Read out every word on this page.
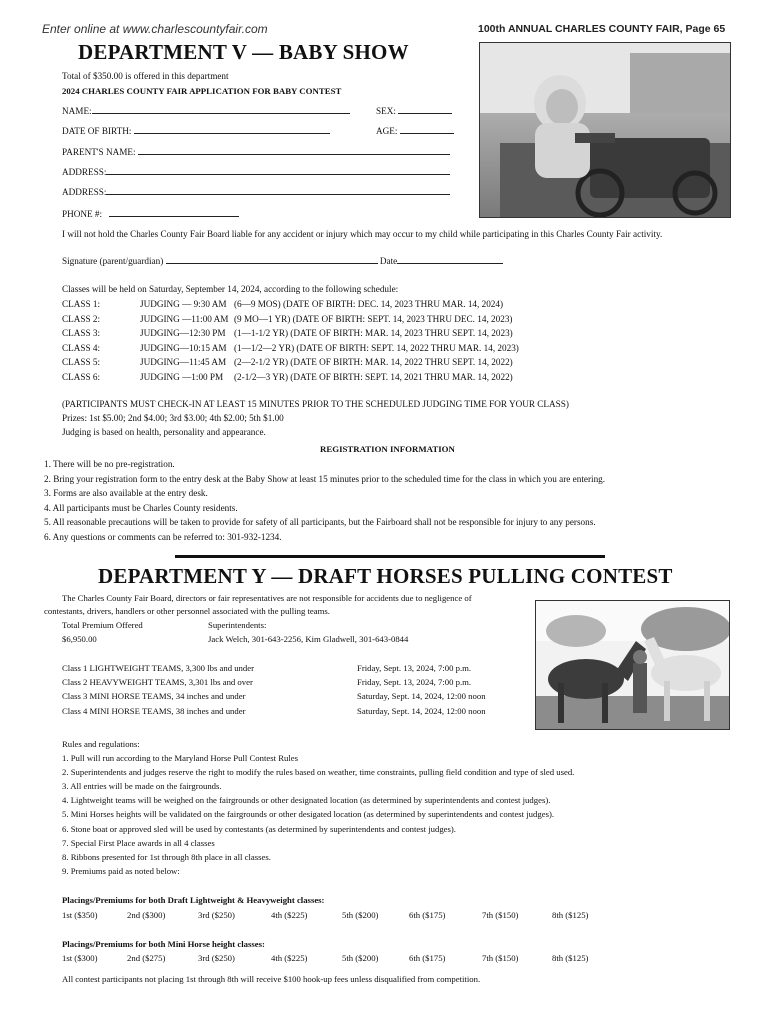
Enter online at www.charlescountyfair.com	100th ANNUAL CHARLES COUNTY FAIR, Page 65
DEPARTMENT V — BABY SHOW
Total of $350.00 is offered in this department
2024 CHARLES COUNTY FAIR APPLICATION FOR BABY CONTEST
NAME:	SEX:
DATE OF BIRTH:	AGE:
PARENT'S NAME:
ADDRESS:
ADDRESS:
PHONE #:
I will not hold the Charles County Fair Board liable for any accident or injury which may occur to my child while participating in this Charles County Fair activity.
Signature (parent/guardian)	Date
Classes will be held on Saturday, September 14, 2024, according to the following schedule:
CLASS 1:	JUDGING — 9:30 AM (6—9 MOS) (DATE OF BIRTH: DEC. 14, 2023 THRU MAR. 14, 2024)
CLASS 2:	JUDGING —11:00 AM (9 MO—1 YR) (DATE OF BIRTH: SEPT. 14, 2023 THRU DEC. 14, 2023)
CLASS 3:	JUDGING—12:30 PM (1—1-1/2 YR) (DATE OF BIRTH: MAR. 14, 2023 THRU SEPT. 14, 2023)
CLASS 4:	JUDGING—10:15 AM (1—1/2—2 YR) (DATE OF BIRTH: SEPT. 14, 2022 THRU MAR. 14, 2023)
CLASS 5:	JUDGING—11:45 AM (2—2-1/2 YR) (DATE OF BIRTH: MAR. 14, 2022 THRU SEPT. 14, 2022)
CLASS 6:	JUDGING —1:00 PM (2-1/2—3 YR) (DATE OF BIRTH: SEPT. 14, 2021 THRU MAR. 14, 2022)
(PARTICIPANTS MUST CHECK-IN AT LEAST 15 MINUTES PRIOR TO THE SCHEDULED JUDGING TIME FOR YOUR CLASS)
Prizes: 1st $5.00; 2nd $4.00; 3rd $3.00; 4th $2.00; 5th $1.00
Judging is based on health, personality and appearance.
REGISTRATION INFORMATION
1. There will be no pre-registration.
2. Bring your registration form to the entry desk at the Baby Show at least 15 minutes prior to the scheduled time for the class in which you are entering.
3. Forms are also available at the entry desk.
4. All participants must be Charles County residents.
5. All reasonable precautions will be taken to provide for safety of all participants, but the Fairboard shall not be responsible for injury to any persons.
6. Any questions or comments can be referred to: 301-932-1234.
DEPARTMENT Y — DRAFT HORSES PULLING CONTEST
The Charles County Fair Board, directors or fair representatives are not responsible for accidents due to negligence of
contestants, drivers, handlers or other personnel associated with the pulling teams.
Total Premium Offered	Superintendents:
$6,950.00	Jack Welch, 301-643-2256, Kim Gladwell, 301-643-0844
Class 1 LIGHTWEIGHT TEAMS, 3,300 lbs and under	Friday, Sept. 13, 2024, 7:00 p.m.
Class 2 HEAVYWEIGHT TEAMS, 3,301 lbs and over	Friday, Sept. 13, 2024, 7:00 p.m.
Class 3 MINI HORSE TEAMS, 34 inches and under	Saturday, Sept. 14, 2024, 12:00 noon
Class 4 MINI HORSE TEAMS, 38 inches and under	Saturday, Sept. 14, 2024, 12:00 noon
Rules and regulations:
1. Pull will run according to the Maryland Horse Pull Contest Rules
2. Superintendents and judges reserve the right to modify the rules based on weather, time constraints, pulling field condition and type of sled used.
3. All entries will be made on the fairgrounds.
4. Lightweight teams will be weighed on the fairgrounds or other designated location (as determined by superintendents and contest judges).
5. Mini Horses heights will be validated on the fairgrounds or other desigated location (as determined by superintendents and contest judges).
6. Stone boat or approved sled will be used by contestants (as determined by superintendents and contest judges).
7. Special First Place awards in all 4 classes
8. Ribbons presented for 1st through 8th place in all classes.
9. Premiums paid as noted below:
Placings/Premiums for both Draft Lightweight & Heavyweight classes:
1st ($350)	2nd ($300)	3rd ($250)	4th ($225)	5th ($200)	6th ($175)	7th ($150)	8th ($125)
Placings/Premiums for both Mini Horse height classes:
1st ($300)	2nd ($275)	3rd ($250)	4th ($225)	5th ($200)	6th ($175)	7th ($150)	8th ($125)
All contest participants not placing 1st through 8th will receive $100 hook-up fees unless disqualified from competition.
